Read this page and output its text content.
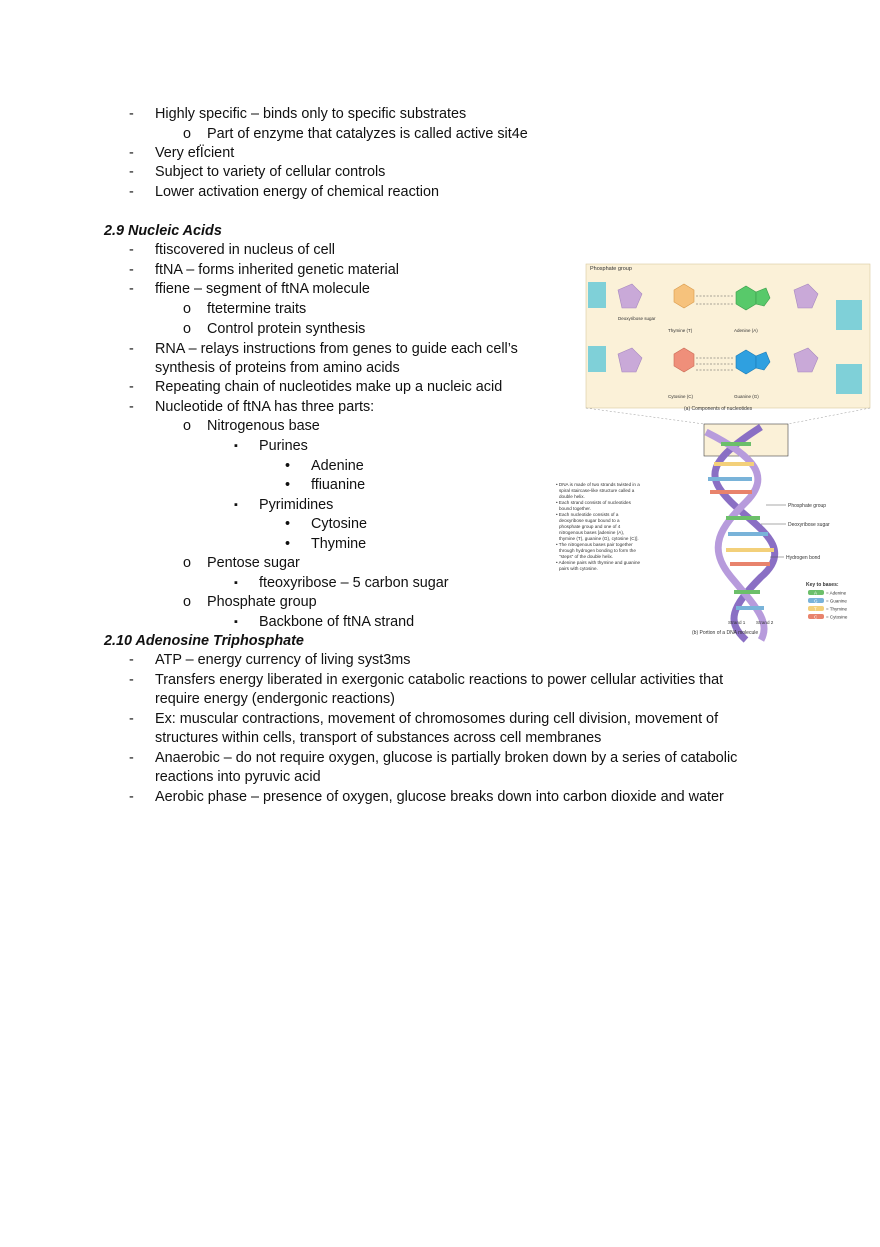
- Highly specific – binds only to specific substrates
o Part of enzyme that catalyzes is called active sit4e
- Very efÏcient
- Subject to variety of cellular controls
- Lower activation energy of chemical reaction
2.9 Nucleic Acids
- ftiscovered in nucleus of cell
- ftNA – forms inherited genetic material
- ffiene – segment of ftNA molecule
o ftetermine traits
o Control protein synthesis
- RNA – relays instructions from genes to guide each cell’s
synthesis of proteins from amino acids
- Repeating chain of nucleotides make up a nucleic acid
- Nucleotide of ftNA has three parts:
o Nitrogenous base
▪ Purines
• Adenine
• ffiuanine
▪ Pyrimidines
• Cytosine
• Thymine
o Pentose sugar
▪ fteoxyribose – 5 carbon sugar
o Phosphate group
▪ Backbone of ftNA strand
2.10 Adenosine Triphosphate
- ATP – energy currency of living syst3ms
- Transfers energy liberated in exergonic catabolic reactions to power cellular activities that
require energy (endergonic reactions)
- Ex: muscular contractions, movement of chromosomes during cell division, movement of
structures within cells, transport of substances across cell membranes
- Anaerobic – do not require oxygen, glucose is partially broken down by a series of catabolic
reactions into pyruvic acid
- Aerobic phase – presence of oxygen, glucose breaks down into carbon dioxide and water
Phosphate group
Deoxyribose sugar
Thymine (T)	Adenine (A)
Cytosine (C)	Guanine (G)
(a) Components of nucleotides
• DNA is made of two strands twisted in a
spiral staircase-like structure called a
double helix.
• Each strand consists of nucleotides
bound together.
• Each nucleotide consists of a
deoxyribose sugar bound to a
phosphate group and one of 4
nitrogenous bases [adenine (A),
thymine (T), guanine (G), cytosine (C)].
• The nitrogenous bases pair together
through hydrogen bonding to form the
"steps" of the double helix.
• Adenine pairs with thymine and guanine
pairs with cytosine.
Phosphate group
Deoxyribose sugar
Hydrogen bond
Key to bases:
A = Adenine
G = Guanine
T = Thymine
C = Cytosine
Strand 1 Strand 2
(b) Portion of a DNA molecule
